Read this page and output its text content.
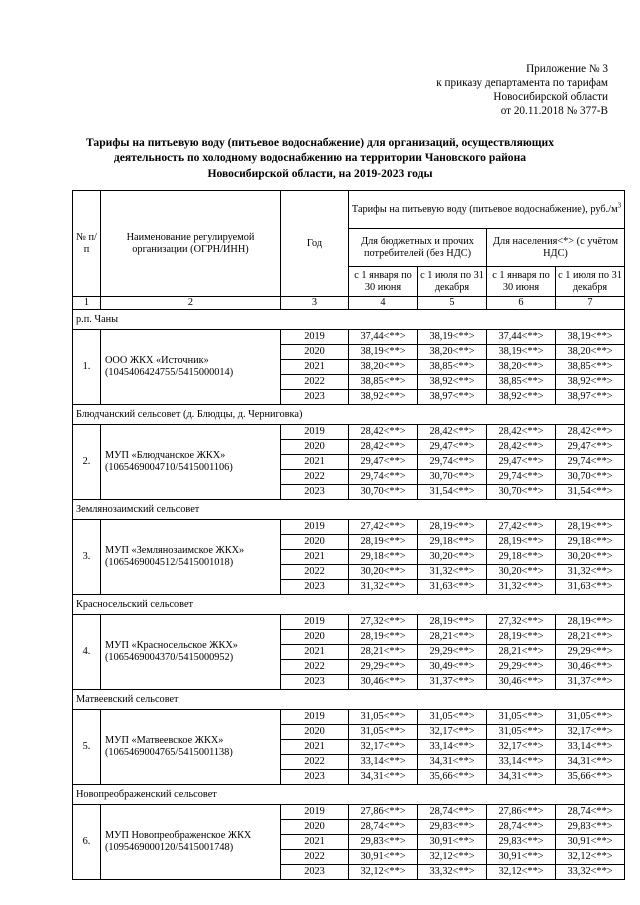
Приложение № 3
к приказу департамента по тарифам
Новосибирской области
от 20.11.2018 № 377-В
Тарифы на питьевую воду (питьевое водоснабжение) для организаций, осуществляющих
деятельность по холодному водоснабжению на территории Чановского района
Новосибирской области, на 2019-2023 годы
№ п/п	Наименование регулируемой организации (ОГРН/ИНН)	Год	Тарифы на питьевую воду (питьевое водоснабжение), $руб./м^3$
			Для бюджетных и прочих потребителей (без НДС)		Для населения<*> (с учётом НДС)	
			с 1 января по 30 июня	с 1 июля по 31 декабря	с 1 января по 30 июня	с 1 июля по 31 декабря
1	2	3	4	5	6	7
р.п. Чаны						
1.	ООО ЖКХ «Источник» (1045406424755/5415000014)	2019	37,44<**>	38,19<**>	37,44<**>	38,19<**>
		2020	38,19<**>	38,20<**>	38,19<**>	38,20<**>
		2021	38,20<**>	38,85<**>	38,20<**>	38,85<**>
		2022	38,85<**>	38,92<**>	38,85<**>	38,92<**>
		2023	38,92<**>	38,97<**>	38,92<**>	38,97<**>
Блюдчанский сельсовет (д. Блюдцы, д. Черниговка)						
2.	МУП «Блюдчанское ЖКХ» (1065469004710/5415001106)	2019	28,42<**>	28,42<**>	28,42<**>	28,42<**>
		2020	28,42<**>	29,47<**>	28,42<**>	29,47<**>
		2021	29,47<**>	29,74<**>	29,47<**>	29,74<**>
		2022	29,74<**>	30,70<**>	29,74<**>	30,70<**>
		2023	30,70<**>	31,54<**>	30,70<**>	31,54<**>
Землянозаимский сельсовет						
3.	МУП «Землянозаимское ЖКХ» (1065469004512/5415001018)	2019	27,42<**>	28,19<**>	27,42<**>	28,19<**>
		2020	28,19<**>	29,18<**>	28,19<**>	29,18<**>
		2021	29,18<**>	30,20<**>	29,18<**>	30,20<**>
		2022	30,20<**>	31,32<**>	30,20<**>	31,32<**>
		2023	31,32<**>	31,63<**>	31,32<**>	31,63<**>
Красносельский сельсовет						
4.	МУП «Красносельское ЖКХ» (1065469004370/5415000952)	2019	27,32<**>	28,19<**>	27,32<**>	28,19<**>
		2020	28,19<**>	28,21<**>	28,19<**>	28,21<**>
		2021	28,21<**>	29,29<**>	28,21<**>	29,29<**>
		2022	29,29<**>	30,49<**>	29,29<**>	30,46<**>
		2023	30,46<**>	31,37<**>	30,46<**>	31,37<**>
Матвеевский сельсовет						
5.	МУП «Матвеевское ЖКХ» (1065469004765/5415001138)	2019	31,05<**>	31,05<**>	31,05<**>	31,05<**>
		2020	31,05<**>	32,17<**>	31,05<**>	32,17<**>
		2021	32,17<**>	33,14<**>	32,17<**>	33,14<**>
		2022	33,14<**>	34,31<**>	33,14<**>	34,31<**>
		2023	34,31<**>	35,66<**>	34,31<**>	35,66<**>
Новопреображенский сельсовет						
6.	МУП Новопреображенское ЖКХ (1095469000120/5415001748)	2019	27,86<**>	28,74<**>	27,86<**>	28,74<**>
		2020	28,74<**>	29,83<**>	28,74<**>	29,83<**>
		2021	29,83<**>	30,91<**>	29,83<**>	30,91<**>
		2022	30,91<**>	32,12<**>	30,91<**>	32,12<**>
		2023	32,12<**>	33,32<**>	32,12<**>	33,32<**>
